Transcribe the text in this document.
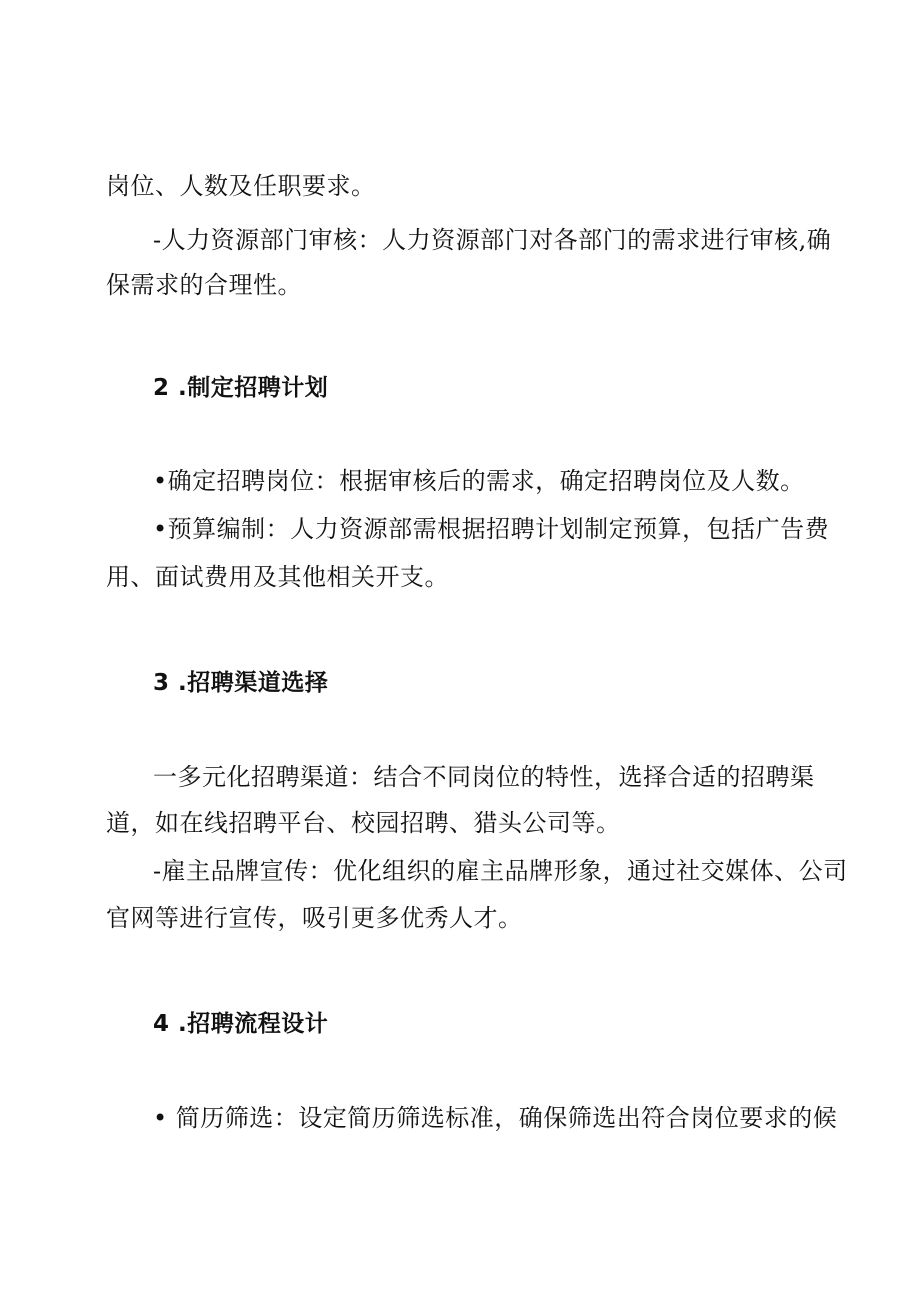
岗位、人数及任职要求。
-人力资源部门审核：人力资源部门对各部门的需求进行审核,确
保需求的合理性。
2 .制定招聘计划
•确定招聘岗位：根据审核后的需求，确定招聘岗位及人数。
•预算编制：人力资源部需根据招聘计划制定预算，包括广告费
用、面试费用及其他相关开支。
3 .招聘渠道选择
一多元化招聘渠道：结合不同岗位的特性，选择合适的招聘渠
道，如在线招聘平台、校园招聘、猎头公司等。
-雇主品牌宣传：优化组织的雇主品牌形象，通过社交媒体、公司
官网等进行宣传，吸引更多优秀人才。
4 .招聘流程设计
• 简历筛选：设定简历筛选标准，确保筛选出符合岗位要求的候
